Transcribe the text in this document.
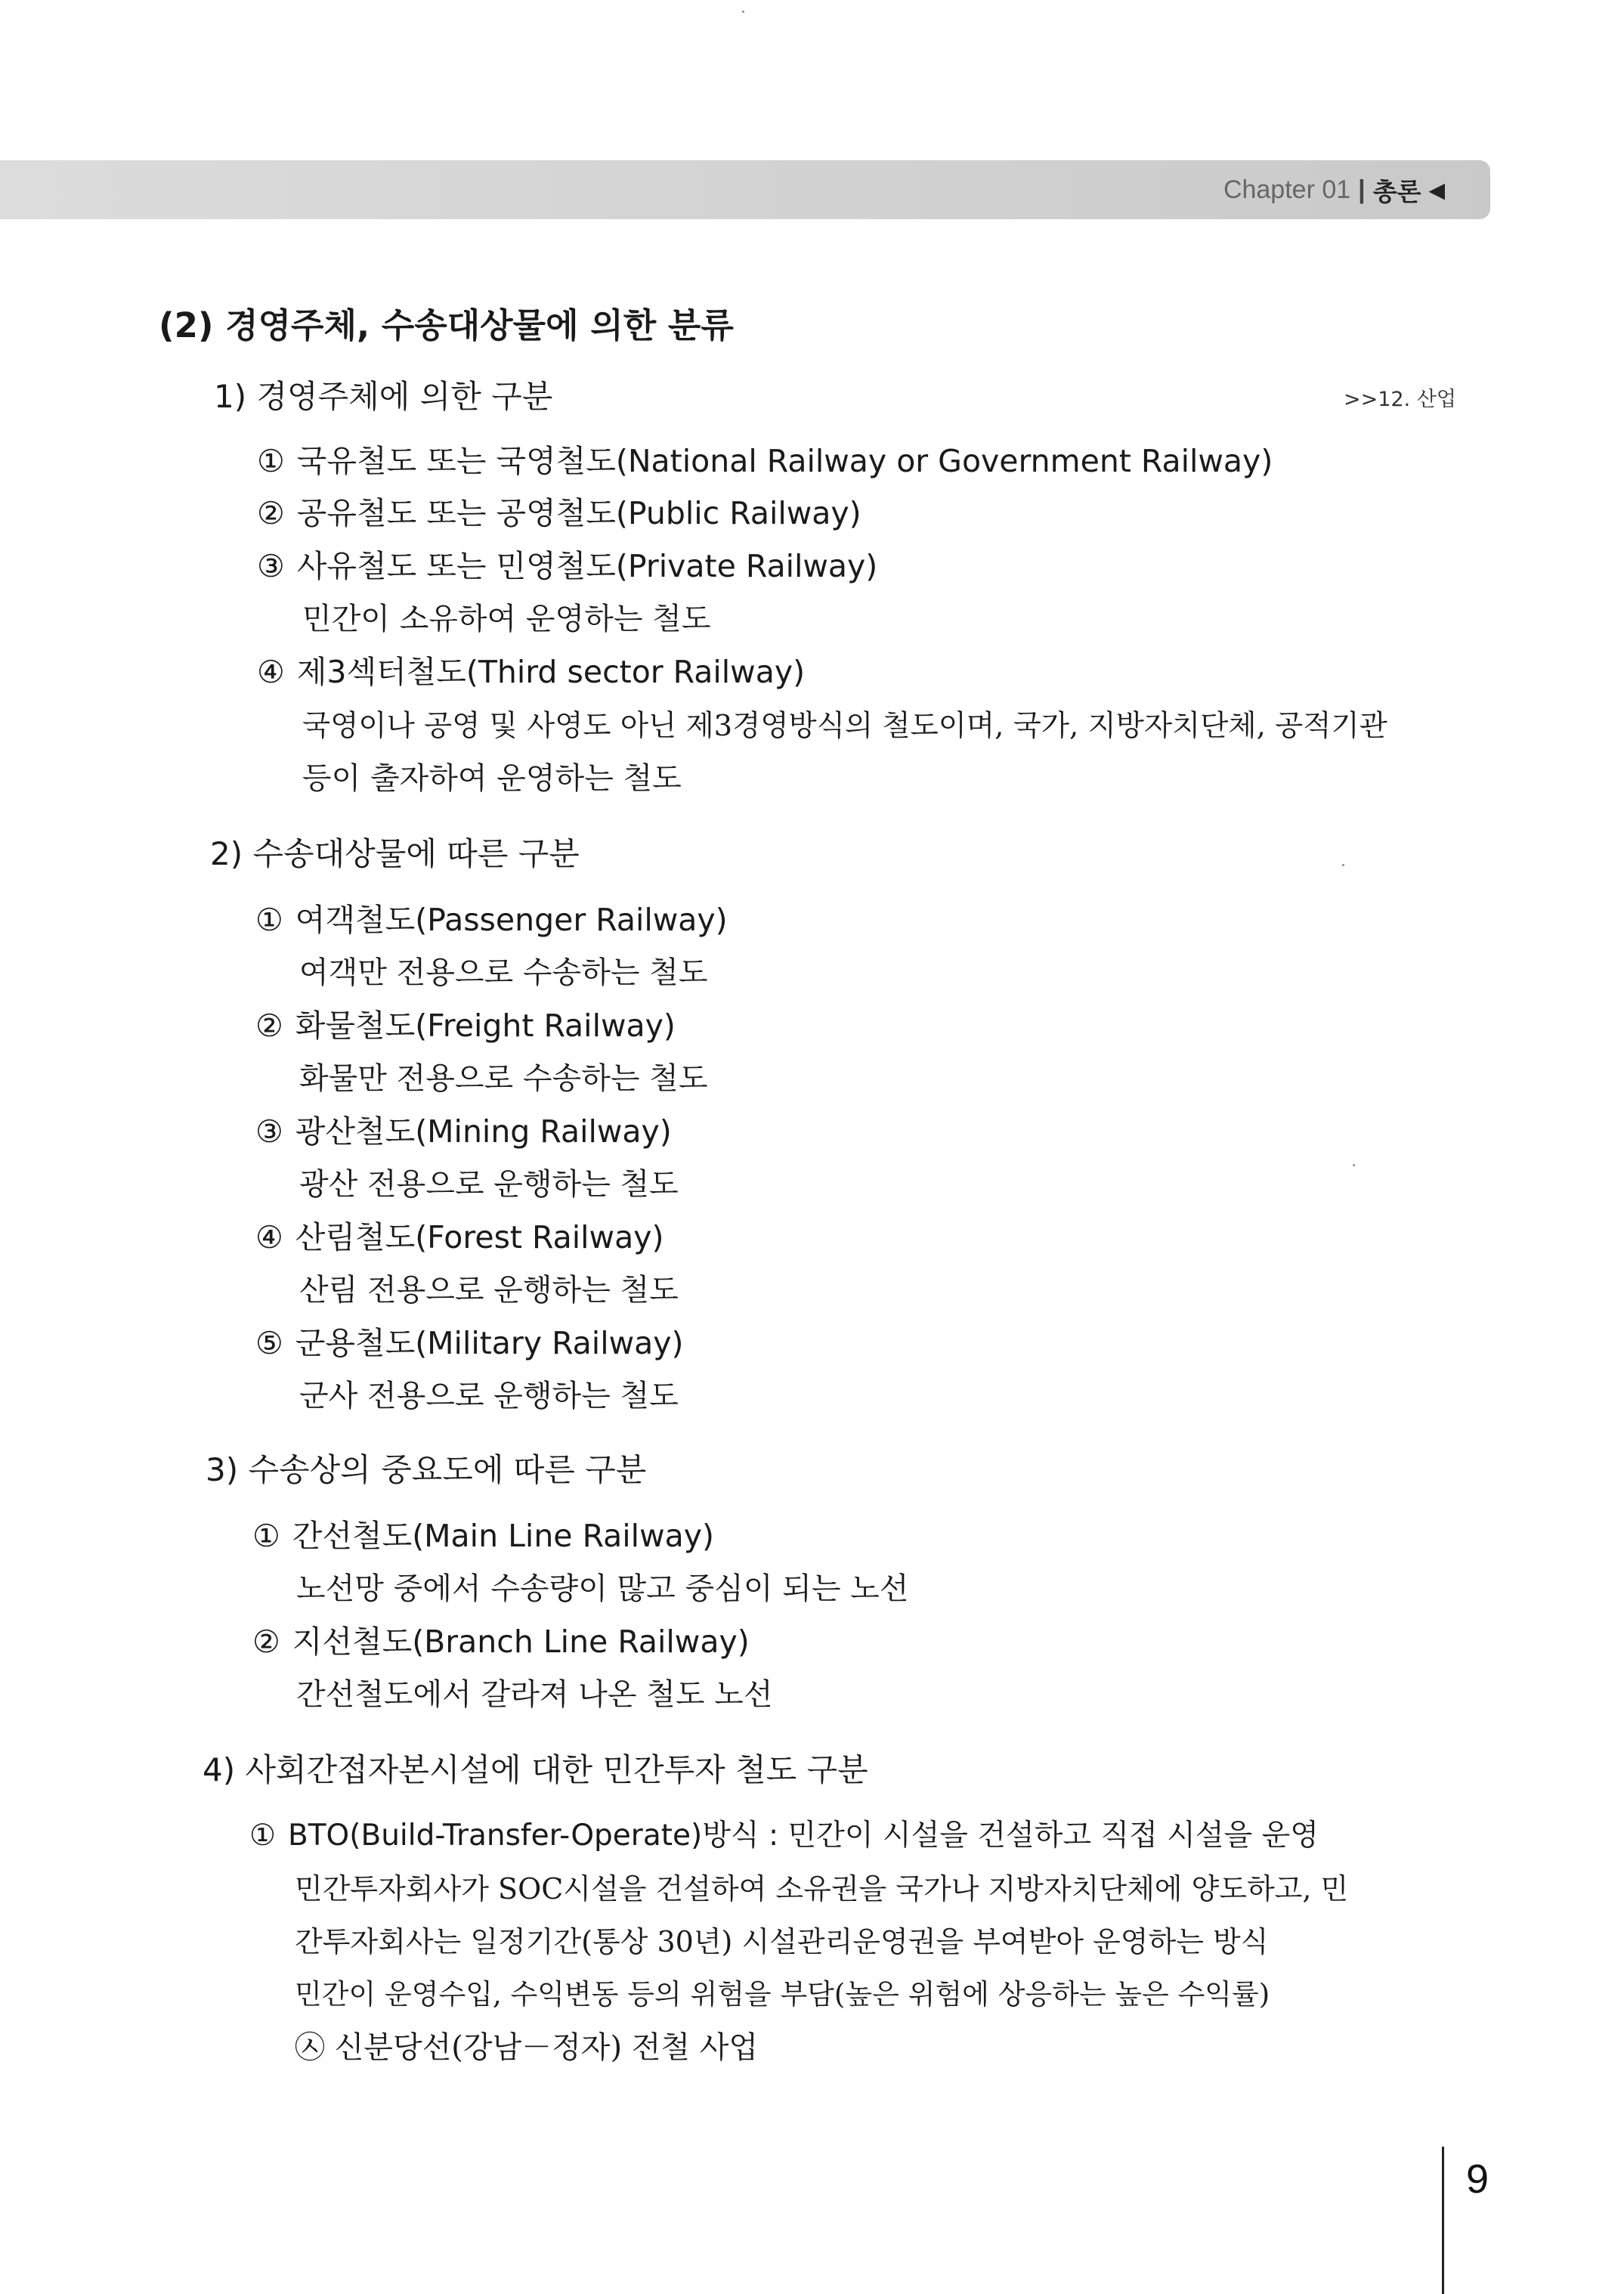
Chapter 01 | 총론 ◀
(2) 경영주체, 수송대상물에 의한 분류
1) 경영주체에 의한 구분	>>12. 산업
① 국유철도 또는 국영철도(National Railway or Government Railway)
② 공유철도 또는 공영철도(Public Railway)
③ 사유철도 또는 민영철도(Private Railway)
민간이 소유하여 운영하는 철도
④ 제3섹터철도(Third sector Railway)
국영이나 공영 및 사영도 아닌 제3경영방식의 철도이며, 국가, 지방자치단체, 공적기관
등이 출자하여 운영하는 철도
2) 수송대상물에 따른 구분
① 여객철도(Passenger Railway)
여객만 전용으로 수송하는 철도
② 화물철도(Freight Railway)
화물만 전용으로 수송하는 철도
③ 광산철도(Mining Railway)
광산 전용으로 운행하는 철도
④ 산림철도(Forest Railway)
산림 전용으로 운행하는 철도
⑤ 군용철도(Military Railway)
군사 전용으로 운행하는 철도
3) 수송상의 중요도에 따른 구분
① 간선철도(Main Line Railway)
노선망 중에서 수송량이 많고 중심이 되는 노선
② 지선철도(Branch Line Railway)
간선철도에서 갈라져 나온 철도 노선
4) 사회간접자본시설에 대한 민간투자 철도 구분
① BTO(Build-Transfer-Operate)방식 : 민간이 시설을 건설하고 직접 시설을 운영
민간투자회사가 SOC시설을 건설하여 소유권을 국가나 지방자치단체에 양도하고, 민
간투자회사는 일정기간(통상 30년) 시설관리운영권을 부여받아 운영하는 방식
민간이 운영수입, 수익변동 등의 위험을 부담(높은 위험에 상응하는 높은 수익률)
㉦ 신분당선(강남－정자) 전철 사업
9
